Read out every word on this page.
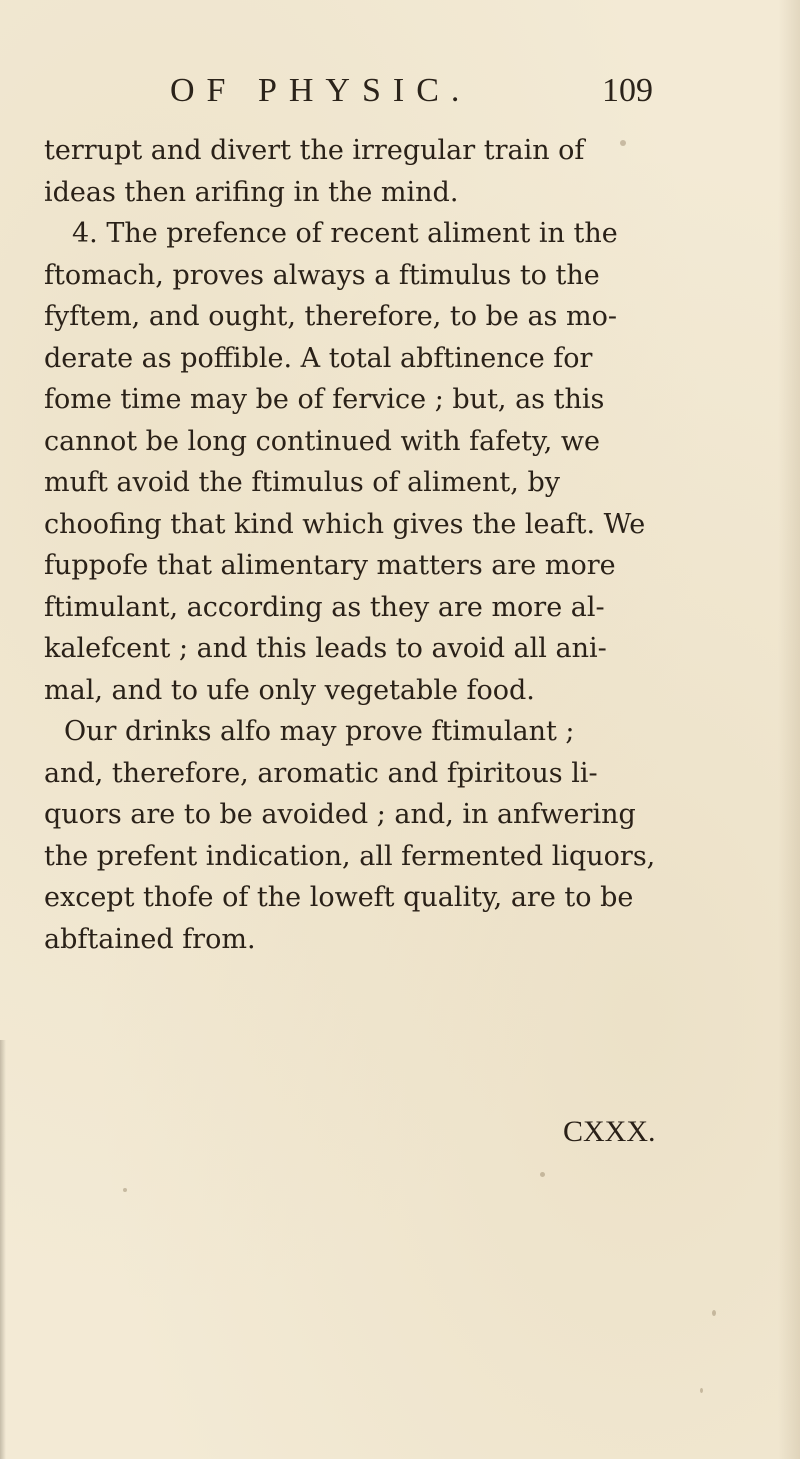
OF PHYSIC.	109
terrupt and divert the irregular train of
ideas then arifing in the mind.
4. The prefence of recent aliment in the
ftomach, proves always a ftimulus to the
fyftem, and ought, therefore, to be as mo-
derate as poffible. A total abftinence for
fome time may be of fervice ; but, as this
cannot be long continued with fafety, we
muft avoid the ftimulus of aliment, by
choofing that kind which gives the leaft. We
fuppofe that alimentary matters are more
ftimulant, according as they are more al-
kalefcent ; and this leads to avoid all ani-
mal, and to ufe only vegetable food.
Our drinks alfo may prove ftimulant ;
and, therefore, aromatic and fpiritous li-
quors are to be avoided ; and, in anfwering
the prefent indication, all fermented liquors,
except thofe of the loweft quality, are to be
abftained from.
CXXX.
